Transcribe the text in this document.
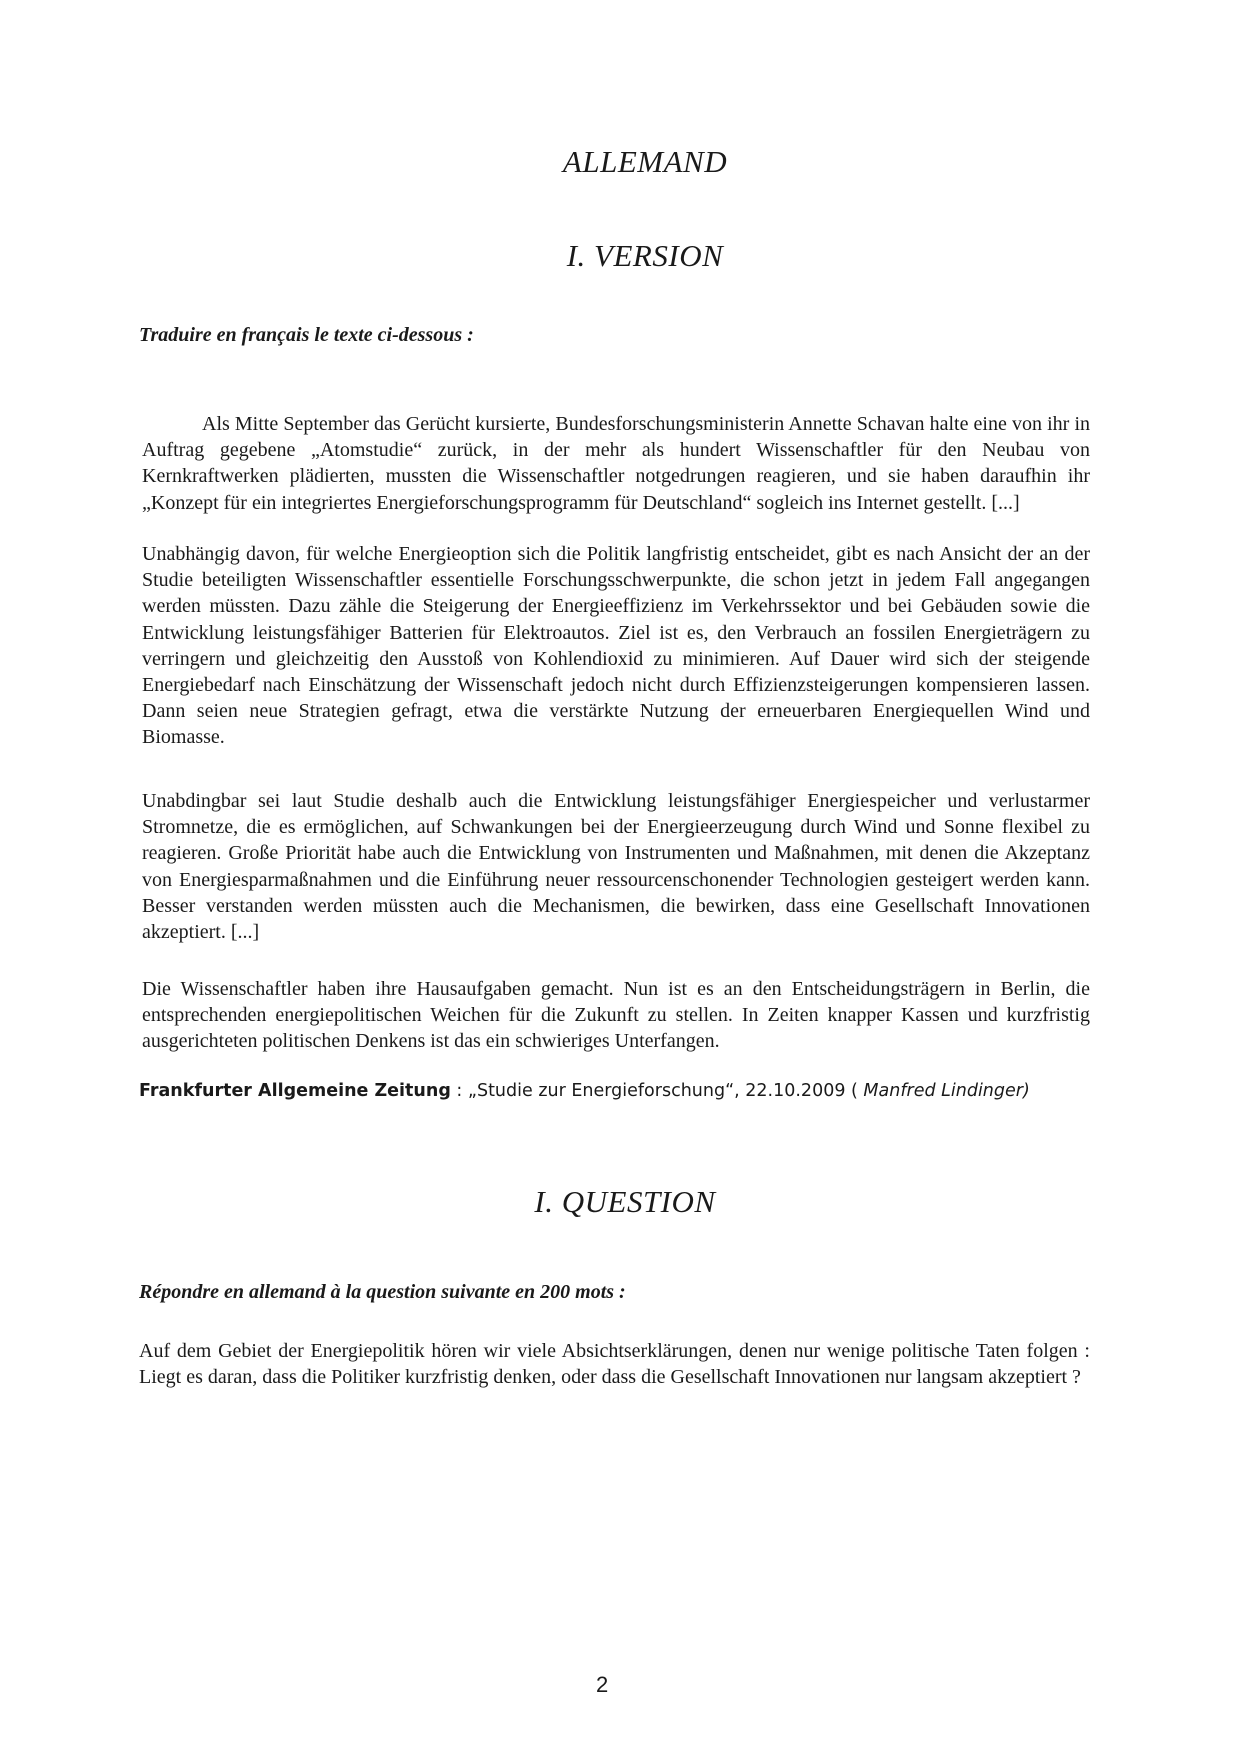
ALLEMAND
I. VERSION
Traduire en français le texte ci-dessous :

Als Mitte September das Gerücht kursierte, Bundesforschungsministerin Annette Schavan halte eine von ihr in Auftrag gegebene „Atomstudie“ zurück, in der mehr als hundert Wissenschaftler für den Neubau von Kernkraftwerken plädierten, mussten die Wissenschaftler notgedrungen reagieren, und sie haben daraufhin ihr „Konzept für ein integriertes Energieforschungsprogramm für Deutschland“ sogleich ins Internet gestellt. [...]

Unabhängig davon, für welche Energieoption sich die Politik langfristig entscheidet, gibt es nach Ansicht der an der Studie beteiligten Wissenschaftler essentielle Forschungsschwerpunkte, die schon jetzt in jedem Fall angegangen werden müssten. Dazu zähle die Steigerung der Energieeffizienz im Verkehrssektor und bei Gebäuden sowie die Entwicklung leistungsfähiger Batterien für Elektroautos. Ziel ist es, den Verbrauch an fossilen Energieträgern zu verringern und gleichzeitig den Ausstoß von Kohlendioxid zu minimieren. Auf Dauer wird sich der steigende Energiebedarf nach Einschätzung der Wissenschaft jedoch nicht durch Effizienzsteigerungen kompensieren lassen. Dann seien neue Strategien gefragt, etwa die verstärkte Nutzung der erneuerbaren Energiequellen Wind und Biomasse.

Unabdingbar sei laut Studie deshalb auch die Entwicklung leistungsfähiger Energiespeicher und verlustarmer Stromnetze, die es ermöglichen, auf Schwankungen bei der Energieerzeugung durch Wind und Sonne flexibel zu reagieren. Große Priorität habe auch die Entwicklung von Instrumenten und Maßnahmen, mit denen die Akzeptanz von Energiesparmaßnahmen und die Einführung neuer ressourcenschonender Technologien gesteigert werden kann. Besser verstanden werden müssten auch die Mechanismen, die bewirken, dass eine Gesellschaft Innovationen akzeptiert. [...]

Die Wissenschaftler haben ihre Hausaufgaben gemacht. Nun ist es an den Entscheidungsträgern in Berlin, die entsprechenden energiepolitischen Weichen für die Zukunft zu stellen. In Zeiten knapper Kassen und kurzfristig ausgerichteten politischen Denkens ist das ein schwieriges Unterfangen.

Frankfurter Allgemeine Zeitung : „Studie zur Energieforschung“, 22.10.2009 ( Manfred Lindinger)
I. QUESTION
Répondre en allemand à la question suivante en 200 mots :

Auf dem Gebiet der Energiepolitik hören wir viele Absichtserklärungen, denen nur wenige politische Taten folgen : Liegt es daran, dass die Politiker kurzfristig denken, oder dass die Gesellschaft Innovationen nur langsam akzeptiert ?

2
